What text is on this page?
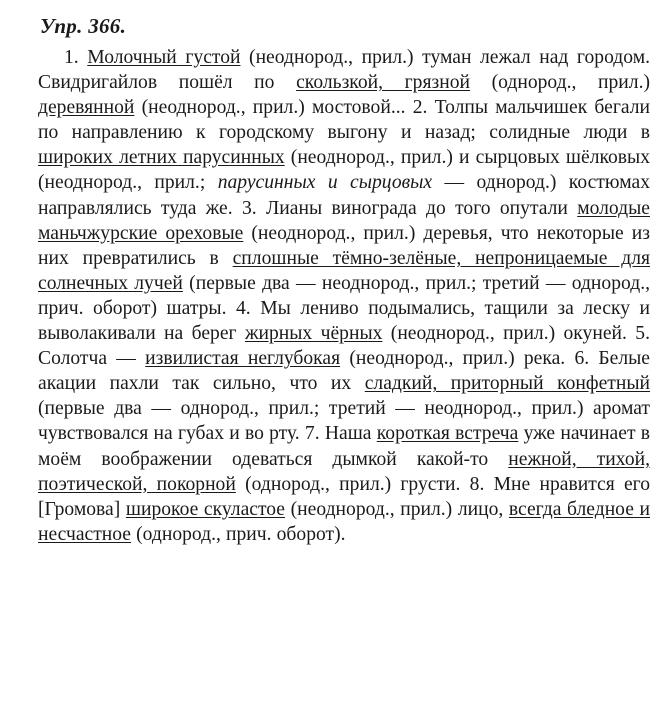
Упр. 366.

1. Молочный густой (неоднород., прил.) туман лежал над городом. Свидригайлов пошёл по скользкой, грязной (однород., прил.) деревянной (неоднород., прил.) мостовой... 2. Толпы мальчишек бегали по направлению к городскому выгону и назад; солидные люди в широких летних парусинных (неоднород., прил.) и сырцовых шёлковых (неоднород., прил.; парусинных и сырцовых — однород.) костюмах направлялись туда же. 3. Лианы винограда до того опутали молодые маньчжурские ореховые (неоднород., прил.) деревья, что некоторые из них превратились в сплошные тёмно-зелёные, непроницаемые для солнечных лучей (первые два — неоднород., прил.; третий — однород., прич. оборот) шатры. 4. Мы лениво подымались, тащили за леску и выволакивали на берег жирных чёрных (неоднород., прил.) окуней. 5. Солотча — извилистая неглубокая (неоднород., прил.) река. 6. Белые акации пахли так сильно, что их сладкий, приторный конфетный (первые два — однород., прил.; третий — неоднород., прил.) аромат чувствовался на губах и во рту. 7. Наша короткая встреча уже начинает в моём воображении одеваться дымкой какой-то нежной, тихой, поэтической, покорной (однород., прил.) грусти. 8. Мне нравится его [Громова] широкое скуластое (неоднород., прил.) лицо, всегда бледное и несчастное (однород., прич. оборот).
